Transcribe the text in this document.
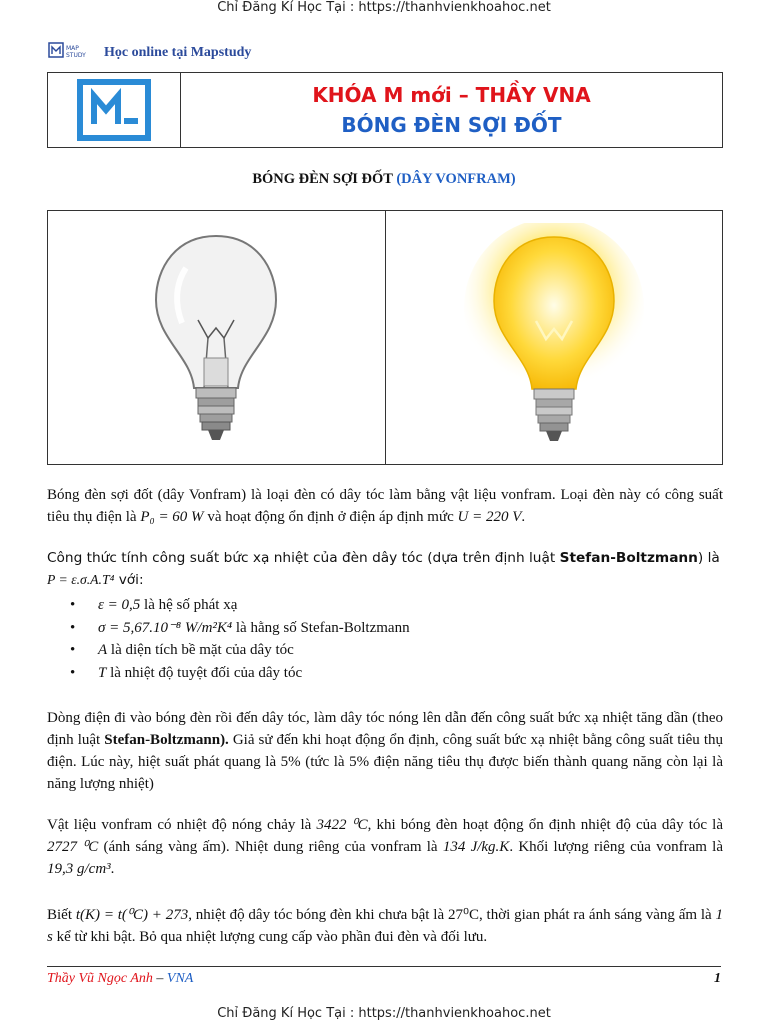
Chỉ Đăng Kí Học Tại : https://thanhvienkhoahoc.net
MAP
STUDY Học online tại Mapstudy
KHÓA M mới – THẦY VNA
BÓNG ĐÈN SỢI ĐỐT
BÓNG ĐÈN SỢI ĐỐT (DÂY VONFRAM)
Bóng đèn sợi đốt (dây Vonfram) là loại đèn có dây tóc làm bằng vật liệu vonfram. Loại đèn này có công suất tiêu thụ điện là P₀ = 60 W và hoạt động ổn định ở điện áp định mức U = 220 V.
Công thức tính công suất bức xạ nhiệt của đèn dây tóc (dựa trên định luật Stefan-Boltzmann) là
P = ε.σ.A.T⁴ với:
•	ε = 0,5 là hệ số phát xạ
•	σ = 5,67.10⁻⁸ W/m²K⁴ là hằng số Stefan-Boltzmann
•	A là diện tích bề mặt của dây tóc
•	T là nhiệt độ tuyệt đối của dây tóc
Dòng điện đi vào bóng đèn rồi đến dây tóc, làm dây tóc nóng lên dẫn đến công suất bức xạ nhiệt tăng dần (theo định luật Stefan-Boltzmann). Giả sử đến khi hoạt động ổn định, công suất bức xạ nhiệt bằng công suất tiêu thụ điện. Lúc này, hiệt suất phát quang là 5% (tức là 5% điện năng tiêu thụ được biến thành quang năng còn lại là năng lượng nhiệt)
Vật liệu vonfram có nhiệt độ nóng chảy là 3422 ⁰C, khi bóng đèn hoạt động ổn định nhiệt độ của dây tóc là 2727 ⁰C (ánh sáng vàng ấm). Nhiệt dung riêng của vonfram là 134 J/kg.K. Khối lượng riêng của vonfram là 19,3 g/cm³.
Biết t(K) = t(⁰C) + 273, nhiệt độ dây tóc bóng đèn khi chưa bật là 27⁰C, thời gian phát ra ánh sáng vàng ấm là 1 s kể từ khi bật. Bỏ qua nhiệt lượng cung cấp vào phần đui đèn và đối lưu.
Thầy Vũ Ngọc Anh – VNA	1
Chỉ Đăng Kí Học Tại : https://thanhvienkhoahoc.net
